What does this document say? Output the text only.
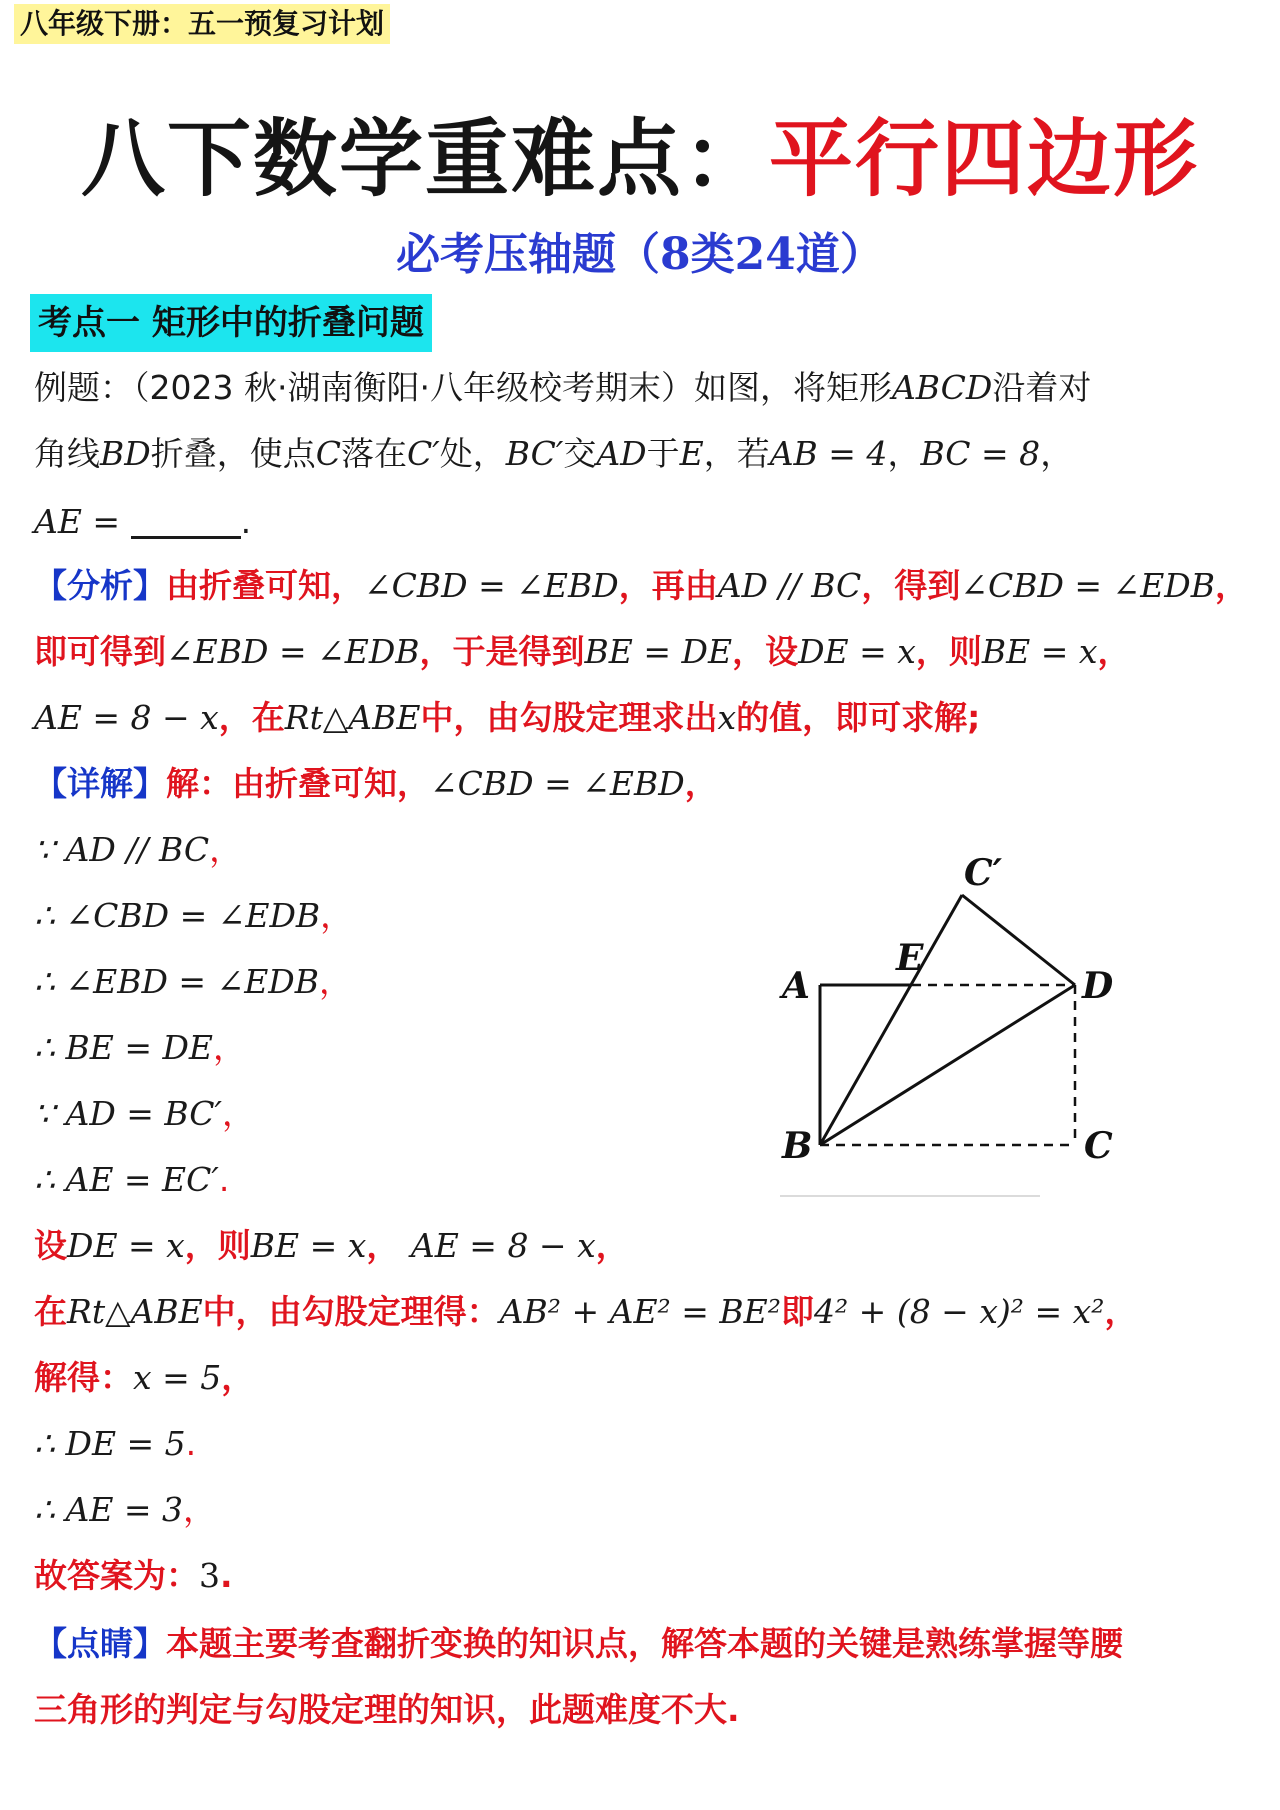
八年级下册：五一预复习计划
八下数学重难点：平行四边形
必考压轴题（8类24道）
考点一 矩形中的折叠问题
例题：（2023 秋·湖南衡阳·八年级校考期末）如图，将矩形ABCD沿着对
角线BD折叠，使点C落在C′处，BC′交AD于E，若AB = 4，BC = 8，
AE =	.
【分析】由折叠可知，∠CBD = ∠EBD，再由AD // BC，得到∠CBD = ∠EDB，
即可得到∠EBD = ∠EDB，于是得到BE = DE，设DE = x，则BE = x，
AE = 8 − x，在Rt△ABE中，由勾股定理求出x的值，即可求解;
【详解】解：由折叠可知，∠CBD = ∠EBD，
∵ AD // BC，
∴ ∠CBD = ∠EDB，
∴ ∠EBD = ∠EDB，
∴ BE = DE，
∵ AD = BC′，
∴ AE = EC′.
设DE = x，则BE = x， AE = 8 − x，
在Rt△ABE中，由勾股定理得：AB² + AE² = BE²即4² + (8 − x)² = x²，
解得：x = 5，
∴ DE = 5.
∴ AE = 3，
故答案为：3.
【点睛】本题主要考查翻折变换的知识点，解答本题的关键是熟练掌握等腰
三角形的判定与勾股定理的知识，此题难度不大.
A
B	C
D
E
C′
